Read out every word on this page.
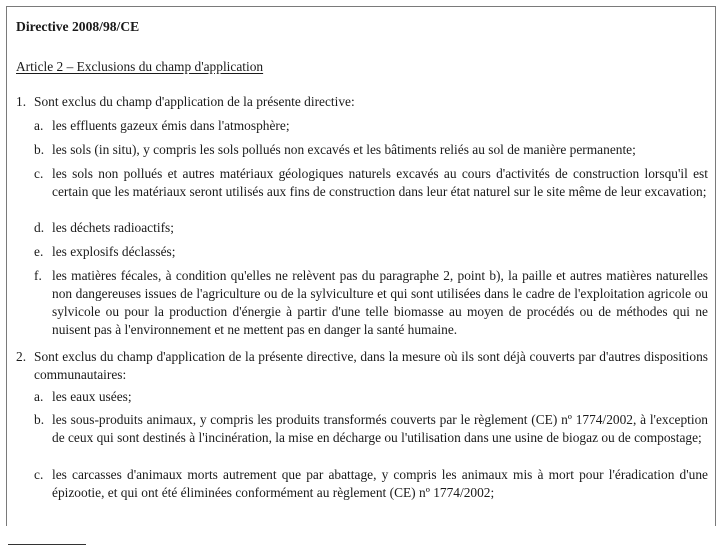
Directive 2008/98/CE
Article 2 – Exclusions du champ d'application
1. Sont exclus du champ d'application de la présente directive:
a. les effluents gazeux émis dans l'atmosphère;
b. les sols (in situ), y compris les sols pollués non excavés et les bâtiments reliés au sol de manière permanente;
c. les sols non pollués et autres matériaux géologiques naturels excavés au cours d'activités de construction lorsqu'il est certain que les matériaux seront utilisés aux fins de construction dans leur état naturel sur le site même de leur excavation;
d. les déchets radioactifs;
e. les explosifs déclassés;
f. les matières fécales, à condition qu'elles ne relèvent pas du paragraphe 2, point b), la paille et autres matières naturelles non dangereuses issues de l'agriculture ou de la sylviculture et qui sont utilisées dans le cadre de l'exploitation agricole ou sylvicole ou pour la production d'énergie à partir d'une telle biomasse au moyen de procédés ou de méthodes qui ne nuisent pas à l'environnement et ne mettent pas en danger la santé humaine.
2. Sont exclus du champ d'application de la présente directive, dans la mesure où ils sont déjà couverts par d'autres dispositions communautaires:
a. les eaux usées;
b. les sous-produits animaux, y compris les produits transformés couverts par le règlement (CE) nº 1774/2002, à l'exception de ceux qui sont destinés à l'incinération, la mise en décharge ou l'utilisation dans une usine de biogaz ou de compostage;
c. les carcasses d'animaux morts autrement que par abattage, y compris les animaux mis à mort pour l'éradication d'une épizootie, et qui ont été éliminées conformément au règlement (CE) nº 1774/2002;
